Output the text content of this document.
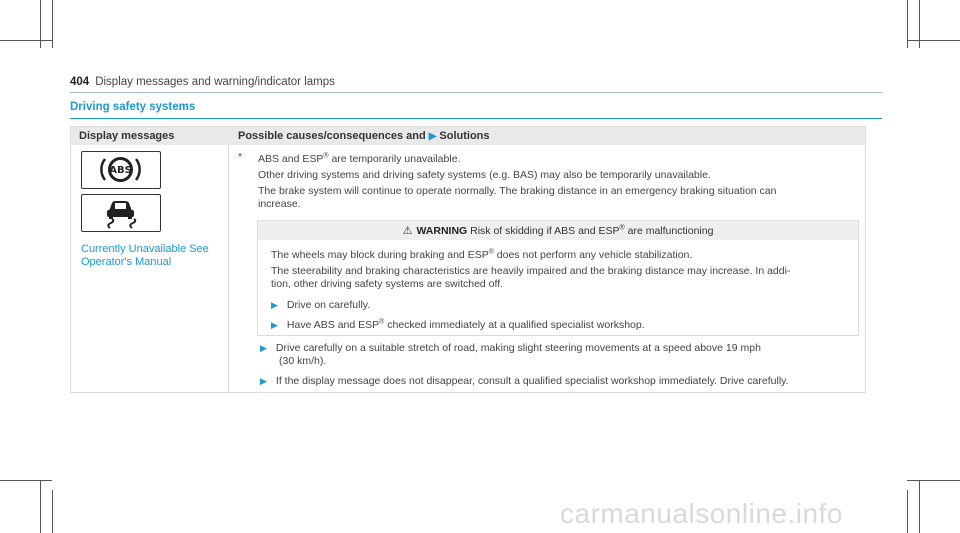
404 Display messages and warning/indicator lamps
Driving safety systems
Display messages	Possible causes/consequences and ▶ Solutions
ABS
Currently Unavailable See
Operator's Manual
* ABS and ESP® are temporarily unavailable.
Other driving systems and driving safety systems (e.g. BAS) may also be temporarily unavailable.
The brake system will continue to operate normally. The braking distance in an emergency braking situation can
increase.
⚠ WARNING Risk of skidding if ABS and ESP® are malfunctioning
The wheels may block during braking and ESP® does not perform any vehicle stabilization.
The steerability and braking characteristics are heavily impaired and the braking distance may increase. In addi-
tion, other driving safety systems are switched off.
▶ Drive on carefully.
▶ Have ABS and ESP® checked immediately at a qualified specialist workshop.
▶ Drive carefully on a suitable stretch of road, making slight steering movements at a speed above 19 mph
(30 km/h).
▶ If the display message does not disappear, consult a qualified specialist workshop immediately. Drive carefully.
carmanualsonline.info
